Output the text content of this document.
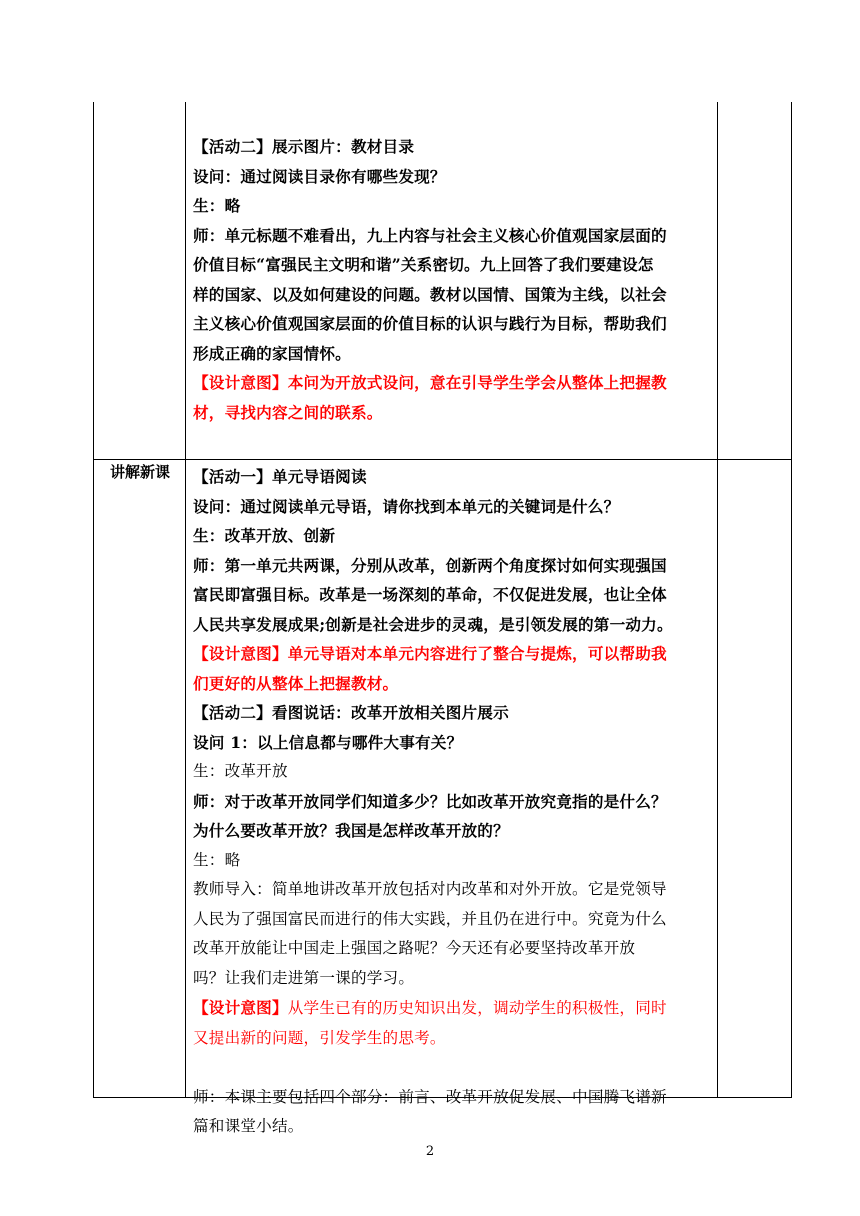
【活动二】展示图片：教材目录

设问：通过阅读目录你有哪些发现？

生：略

师：单元标题不难看出，九上内容与社会主义核心价值观国家层面的

价值目标“富强民主文明和谐”关系密切。九上回答了我们要建设怎

样的国家、以及如何建设的问题。教材以国情、国策为主线，以社会

主义核心价值观国家层面的价值目标的认识与践行为目标，帮助我们

形成正确的家国情怀。

【设计意图】本问为开放式设问，意在引导学生学会从整体上把握教

材，寻找内容之间的联系。

讲解新课	【活动一】单元导语阅读

设问：通过阅读单元导语，请你找到本单元的关键词是什么？

生：改革开放、创新

师：第一单元共两课，分别从改革，创新两个角度探讨如何实现强国

富民即富强目标。改革是一场深刻的革命，不仅促进发展，也让全体

人民共享发展成果;创新是社会进步的灵魂，是引领发展的第一动力。

【设计意图】单元导语对本单元内容进行了整合与提炼，可以帮助我

们更好的从整体上把握教材。

【活动二】看图说话：改革开放相关图片展示

设问 1：以上信息都与哪件大事有关？

生：改革开放

师：对于改革开放同学们知道多少？比如改革开放究竟指的是什么？

为什么要改革开放？我国是怎样改革开放的？

生：略

教师导入：简单地讲改革开放包括对内改革和对外开放。它是党领导

人民为了强国富民而进行的伟大实践，并且仍在进行中。究竟为什么

改革开放能让中国走上强国之路呢？今天还有必要坚持改革开放

吗？让我们走进第一课的学习。

【设计意图】从学生已有的历史知识出发，调动学生的积极性，同时

又提出新的问题，引发学生的思考。

师：本课主要包括四个部分：前言、改革开放促发展、中国腾飞谱新

篇和课堂小结。

2
